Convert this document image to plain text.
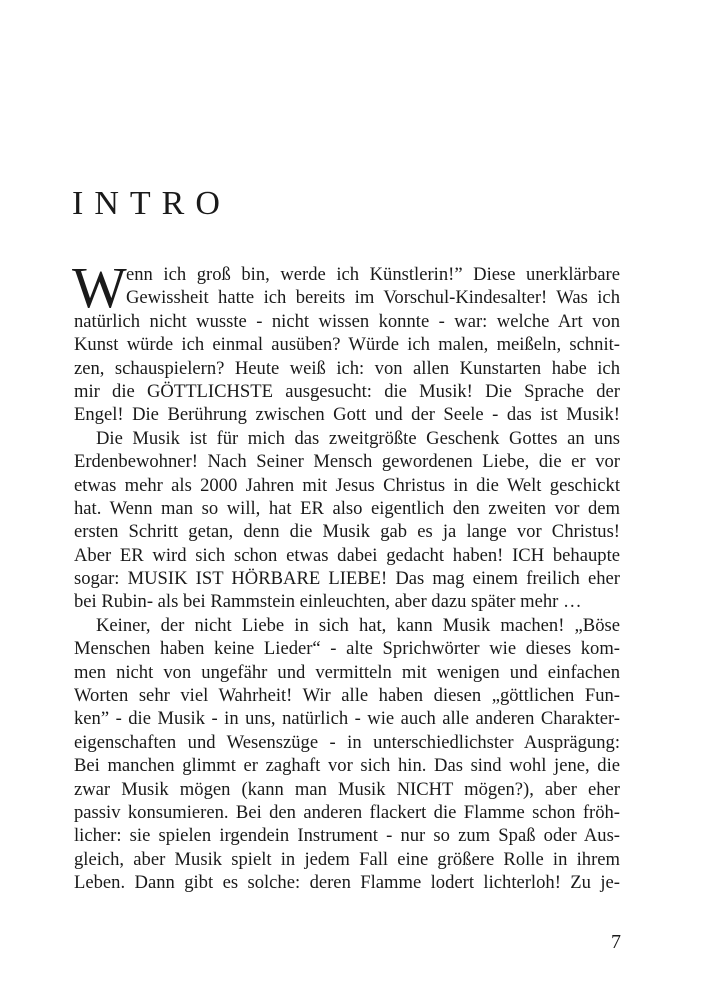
INTRO
W enn ich groß bin, werde ich Künstlerin!” Diese unerklärbare
Gewissheit hatte ich bereits im Vorschul-Kindesalter! Was ich
natürlich nicht wusste - nicht wissen konnte - war: welche Art von
Kunst würde ich einmal ausüben? Würde ich malen, meißeln, schnit-
zen, schauspielern? Heute weiß ich: von allen Kunstarten habe ich
mir die GÖTTLICHSTE ausgesucht: die Musik! Die Sprache der
Engel! Die Berührung zwischen Gott und der Seele - das ist Musik!
Die Musik ist für mich das zweitgrößte Geschenk Gottes an uns
Erdenbewohner! Nach Seiner Mensch gewordenen Liebe, die er vor
etwas mehr als 2000 Jahren mit Jesus Christus in die Welt geschickt
hat. Wenn man so will, hat ER also eigentlich den zweiten vor dem
ersten Schritt getan, denn die Musik gab es ja lange vor Christus!
Aber ER wird sich schon etwas dabei gedacht haben! ICH behaupte
sogar: MUSIK IST HÖRBARE LIEBE! Das mag einem freilich eher
bei Rubin- als bei Rammstein einleuchten, aber dazu später mehr …
Keiner, der nicht Liebe in sich hat, kann Musik machen! „Böse
Menschen haben keine Lieder“ - alte Sprichwörter wie dieses kom-
men nicht von ungefähr und vermitteln mit wenigen und einfachen
Worten sehr viel Wahrheit! Wir alle haben diesen „göttlichen Fun-
ken” - die Musik - in uns, natürlich - wie auch alle anderen Charakter-
eigenschaften und Wesenszüge - in unterschiedlichster Ausprägung:
Bei manchen glimmt er zaghaft vor sich hin. Das sind wohl jene, die
zwar Musik mögen (kann man Musik NICHT mögen?), aber eher
passiv konsumieren. Bei den anderen flackert die Flamme schon fröh-
licher: sie spielen irgendein Instrument - nur so zum Spaß oder Aus-
gleich, aber Musik spielt in jedem Fall eine größere Rolle in ihrem
Leben. Dann gibt es solche: deren Flamme lodert lichterloh! Zu je-
7
